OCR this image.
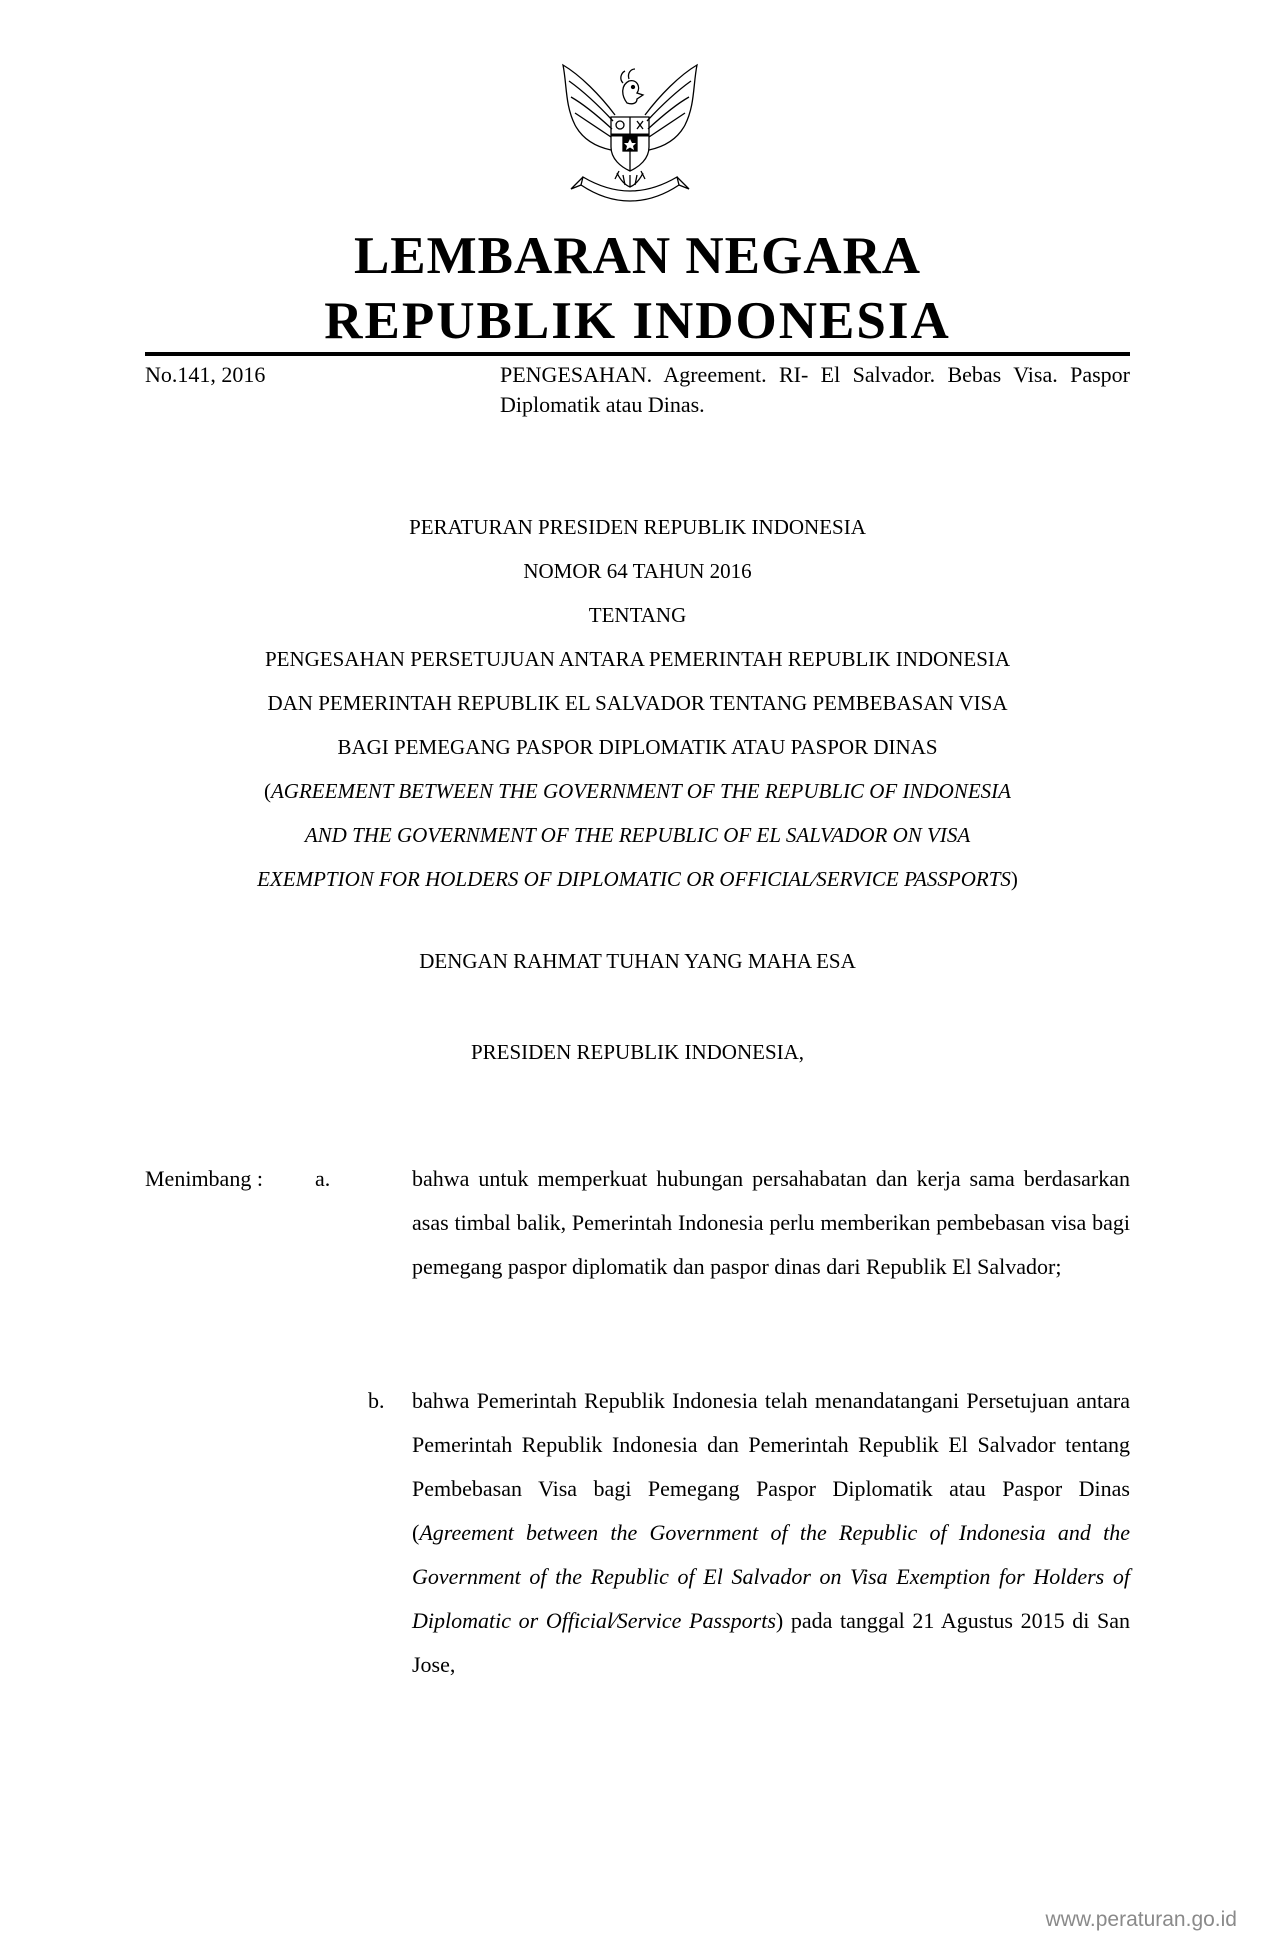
LEMBARAN NEGARA
REPUBLIK INDONESIA
No.141, 2016	PENGESAHAN. Agreement. RI- El Salvador. Bebas Visa. Paspor Diplomatik atau Dinas.
PERATURAN PRESIDEN REPUBLIK INDONESIA
NOMOR 64 TAHUN 2016
TENTANG
PENGESAHAN PERSETUJUAN ANTARA PEMERINTAH REPUBLIK INDONESIA
DAN PEMERINTAH REPUBLIK EL SALVADOR TENTANG PEMBEBASAN VISA
BAGI PEMEGANG PASPOR DIPLOMATIK ATAU PASPOR DINAS
(AGREEMENT BETWEEN THE GOVERNMENT OF THE REPUBLIC OF INDONESIA
AND THE GOVERNMENT OF THE REPUBLIC OF EL SALVADOR ON VISA
EXEMPTION FOR HOLDERS OF DIPLOMATIC OR OFFICIAL⁄SERVICE PASSPORTS)
DENGAN RAHMAT TUHAN YANG MAHA ESA
PRESIDEN REPUBLIK INDONESIA,
Menimbang : a.	bahwa untuk memperkuat hubungan persahabatan dan kerja sama berdasarkan asas timbal balik, Pemerintah Indonesia perlu memberikan pembebasan visa bagi pemegang paspor diplomatik dan paspor dinas dari Republik El Salvador;
b. bahwa Pemerintah Republik Indonesia telah menandatangani Persetujuan antara Pemerintah Republik Indonesia dan Pemerintah Republik El Salvador tentang Pembebasan Visa bagi Pemegang Paspor Diplomatik atau Paspor Dinas (Agreement between the Government of the Republic of Indonesia and the Government of the Republic of El Salvador on Visa Exemption for Holders of Diplomatic or Official⁄Service Passports) pada tanggal 21 Agustus 2015 di San Jose,
www.peraturan.go.id
